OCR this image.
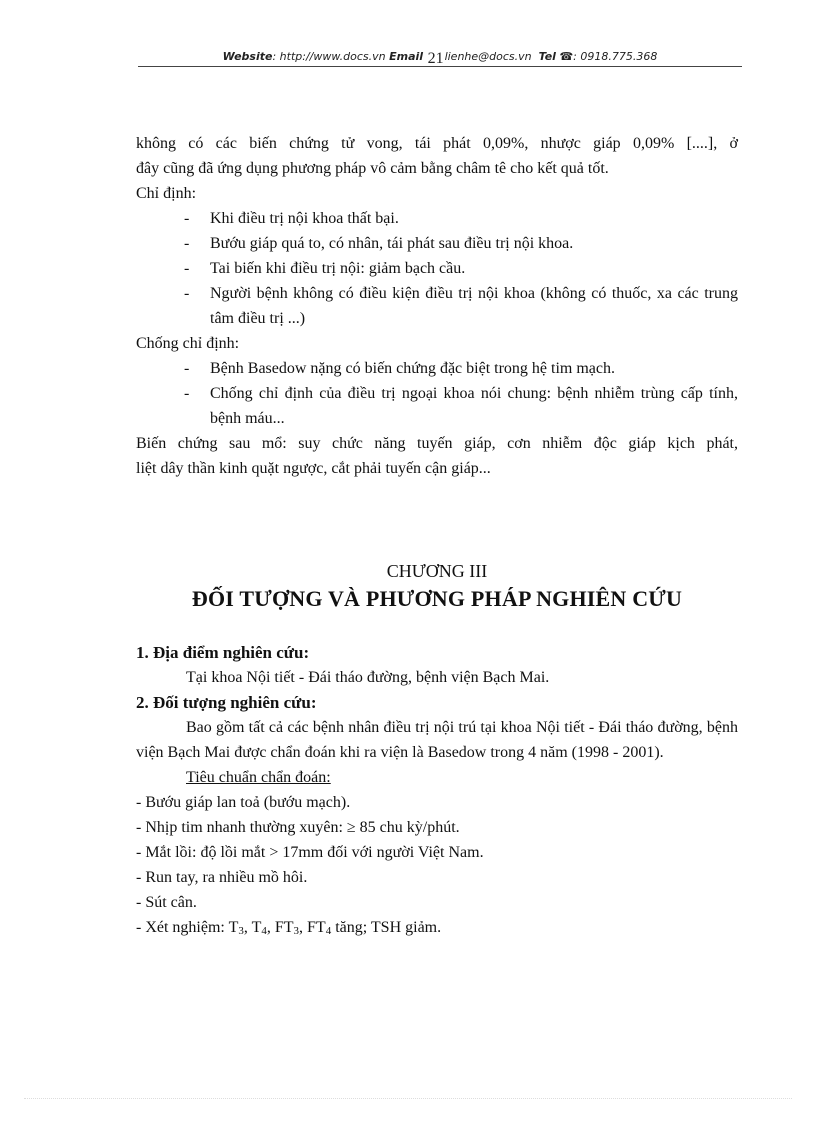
Website: http://www.docs.vn Email 21lienhe@docs.vn Tel ☎: 0918.775.368

không có các biến chứng tử vong, tái phát 0,09%, nhược giáp 0,09% [....], ở

đây cũng đã ứng dụng phương pháp vô cảm bằng châm tê cho kết quả tốt.

Chỉ định:

- Khi điều trị nội khoa thất bại.
- Bướu giáp quá to, có nhân, tái phát sau điều trị nội khoa.
- Tai biến khi điều trị nội: giảm bạch cầu.
- Người bệnh không có điều kiện điều trị nội khoa (không có thuốc, xa các trung tâm điều trị ...)

Chống chỉ định:

- Bệnh Basedow nặng có biến chứng đặc biệt trong hệ tim mạch.
- Chống chỉ định của điều trị ngoại khoa nói chung: bệnh nhiễm trùng cấp tính, bệnh máu...

Biến chứng sau mổ: suy chức năng tuyến giáp, cơn nhiễm độc giáp kịch phát,

liệt dây thần kinh quặt ngược, cắt phải tuyến cận giáp...

CHƯƠNG III
ĐỐI TƯỢNG VÀ PHƯƠNG PHÁP NGHIÊN CỨU

1. Địa điểm nghiên cứu:

Tại khoa Nội tiết - Đái tháo đường, bệnh viện Bạch Mai.

2. Đối tượng nghiên cứu:

Bao gồm tất cả các bệnh nhân điều trị nội trú tại khoa Nội tiết - Đái tháo đường, bệnh viện Bạch Mai được chẩn đoán khi ra viện là Basedow trong 4 năm (1998 - 2001).

Tiêu chuẩn chẩn đoán:

- Bướu giáp lan toả (bướu mạch).

- Nhịp tim nhanh thường xuyên: ≥ 85 chu kỳ/phút.

- Mắt lồi: độ lồi mắt > 17mm đối với người Việt Nam.

- Run tay, ra nhiều mồ hôi.

- Sút cân.

- Xét nghiệm: $T_3$, $T_4$, $FT_3$, $FT_4$ tăng; TSH giảm.
